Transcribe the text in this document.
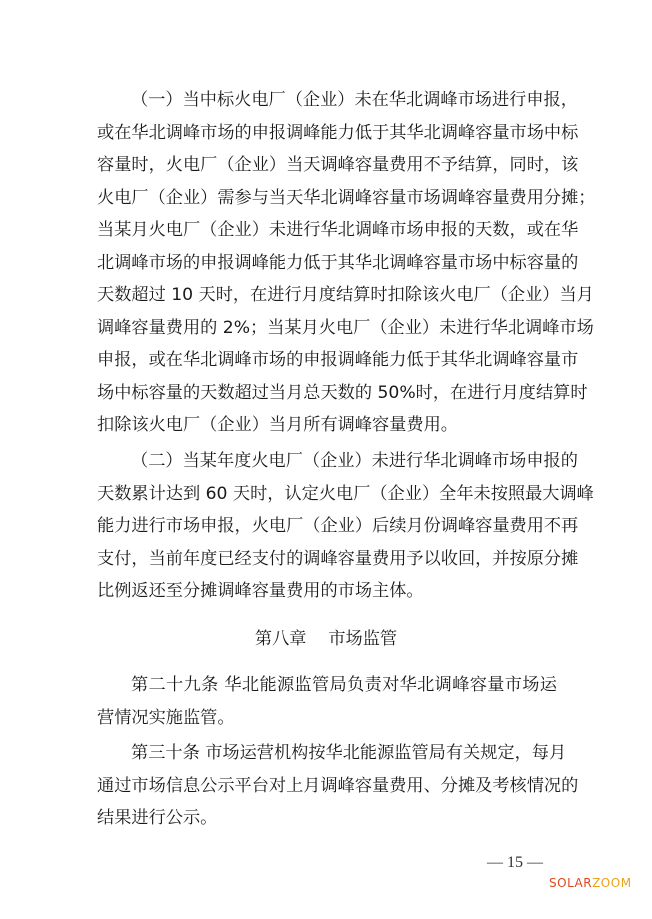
（一）当中标火电厂（企业）未在华北调峰市场进行申报，
或在华北调峰市场的申报调峰能力低于其华北调峰容量市场中标
容量时，火电厂（企业）当天调峰容量费用不予结算，同时，该
火电厂（企业）需参与当天华北调峰容量市场调峰容量费用分摊；
当某月火电厂（企业）未进行华北调峰市场申报的天数，或在华
北调峰市场的申报调峰能力低于其华北调峰容量市场中标容量的
天数超过 10 天时，在进行月度结算时扣除该火电厂（企业）当月
调峰容量费用的 2%；当某月火电厂（企业）未进行华北调峰市场
申报，或在华北调峰市场的申报调峰能力低于其华北调峰容量市
场中标容量的天数超过当月总天数的 50%时，在进行月度结算时
扣除该火电厂（企业）当月所有调峰容量费用。
（二）当某年度火电厂（企业）未进行华北调峰市场申报的
天数累计达到 60 天时，认定火电厂（企业）全年未按照最大调峰
能力进行市场申报，火电厂（企业）后续月份调峰容量费用不再
支付，当前年度已经支付的调峰容量费用予以收回，并按原分摊
比例返还至分摊调峰容量费用的市场主体。
第八章    市场监管
第二十九条 华北能源监管局负责对华北调峰容量市场运
营情况实施监管。
第三十条 市场运营机构按华北能源监管局有关规定，每月
通过市场信息公示平台对上月调峰容量费用、分摊及考核情况的
结果进行公示。
— 15 —
SOLARZOOM
